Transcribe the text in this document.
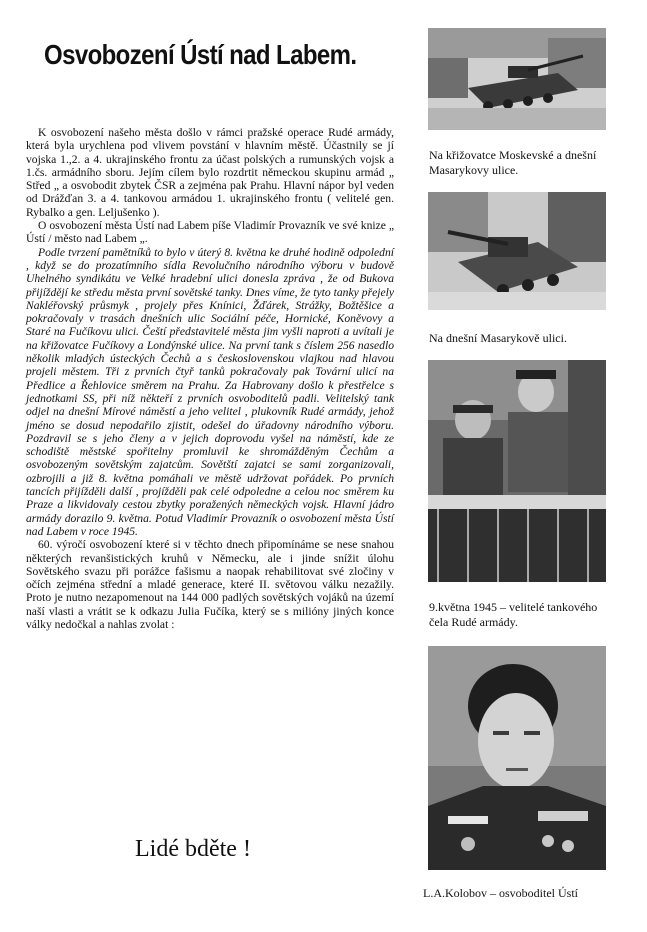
Osvobození Ústí nad Labem.

K osvobození našeho města došlo v rámci pražské operace Rudé armády, která byla urychlena pod vlivem povstání v hlavním městě. Účastnily se jí vojska 1.,2. a 4. ukrajinského frontu za účast polských a rumunských vojsk a 1.čs. armádního sboru. Jejím cílem bylo rozdrtit německou skupinu armád „ Střed „ a osvobodit zbytek ČSR a zejména pak Prahu. Hlavní nápor byl veden od Drážďan 3. a 4. tankovou armádou 1. ukrajinského frontu ( velitelé gen. Rybalko a gen. Leljušenko ).

O osvobození města Ústí nad Labem píše Vladimír Provazník ve své knize „ Ústí / město nad Labem „.

Podle tvrzení pamětníků to bylo v úterý 8. května ke druhé hodině odpolední , když se do prozatímního sídla Revolučního národního výboru v budově Uhelného syndikátu ve Velké hradební ulici donesla zpráva , že od Bukova přijíždějí ke středu města první sovětské tanky. Dnes víme, že tyto tanky přejely Nakléřovský průsmyk , projely přes Knínici, Žďárek, Strážky, Božtěšice a pokračovaly v trasách dnešních ulic Sociální péče, Hornické, Koněvovy a Staré na Fučíkovu ulici. Čeští představitelé města jim vyšli naproti a uvítali je na křižovatce Fučíkovy a Londýnské ulice. Na první tank s číslem 256 nasedlo několik mladých ústeckých Čechů a s československou vlajkou nad hlavou projeli městem. Tři z prvních čtyř tanků pokračovaly pak Tovární ulicí na Předlice a Řehlovice směrem na Prahu. Za Habrovany došlo k přestřelce s jednotkami SS, při níž někteří z prvních osvoboditelů padli. Velitelský tank odjel na dnešní Mírové náměstí a jeho velitel , plukovník Rudé armády, jehož jméno se dosud nepodařilo zjistit, odešel do úřadovny národního výboru. Pozdravil se s jeho členy a v jejich doprovodu vyšel na náměstí, kde ze schodiště městské spořitelny promluvil ke shromážděným Čechům a osvobozeným sovětským zajatcům. Sovětští zajatci se sami zorganizovali, ozbrojili a již 8. května pomáhali ve městě udržovat pořádek. Po prvních tancích přijížděli další , projížděli pak celé odpoledne a celou noc směrem ku Praze a likvidovaly cestou zbytky poražených německých vojsk. Hlavní jádro armády dorazilo 9. května. Potud Vladimír Provazník o osvobození města Ústí nad Labem v roce 1945.

60. výročí osvobození které si v těchto dnech připomínáme se nese snahou některých revanšistických kruhů v Německu, ale i jinde snížit úlohu Sovětského svazu při porážce fašismu a naopak rehabilitovat své zločiny v očích zejména střední a mladé generace, které II. světovou válku nezažily. Proto je nutno nezapomenout na 144 000 padlých sovětských vojáků na území naší vlasti a vrátit se k odkazu Julia Fučíka, který se s milióny jiných konce války nedočkal a nahlas zvolat :

Lidé bděte !
Na křižovatce Moskevské a dnešní Masarykovy ulice.
Na dnešní Masarykově ulici.
9.května 1945 – velitelé tankového čela Rudé armády.
L.A.Kolobov – osvoboditel Ústí
